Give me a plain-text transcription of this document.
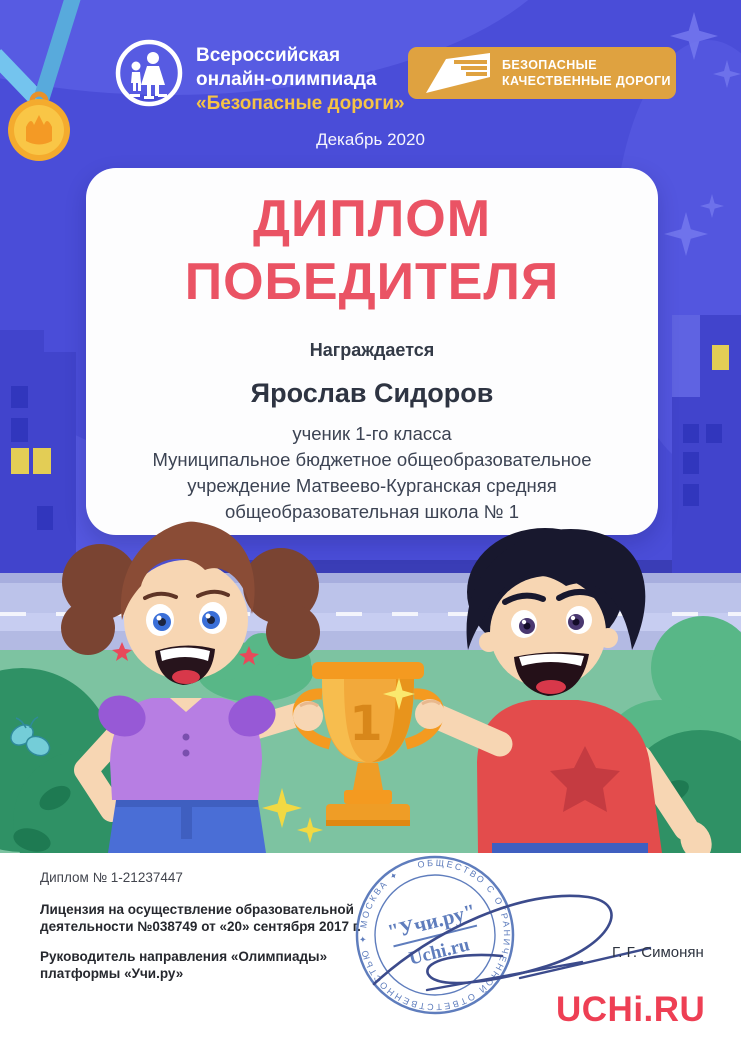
Всероссийская
онлайн-олимпиада
«Безопасные дороги»
БЕЗОПАСНЫЕ
КАЧЕСТВЕННЫЕ ДОРОГИ
Декабрь 2020
ДИПЛОМ
ПОБЕДИТЕЛЯ
Награждается
Ярослав Сидоров
ученик 1-го класса
Муниципальное бюджетное общеобразовательное
учреждение Матвеево-Курганская средняя
общеобразовательная школа № 1
1
Диплом № 1-21237447
Лицензия на осуществление образовательной
деятельности №038749 от «20» сентября 2017 г.
Руководитель направления «Олимпиады»
платформы «Учи.ру»
ОБЩЕСТВО С ОГРАНИЧЕННОЙ ОТВЕТСТВЕННОСТЬЮ ✦ МОСКВА ✦
"Учи.ру"
Uchi.ru	Г. Г. Симонян
UCHi.RU
